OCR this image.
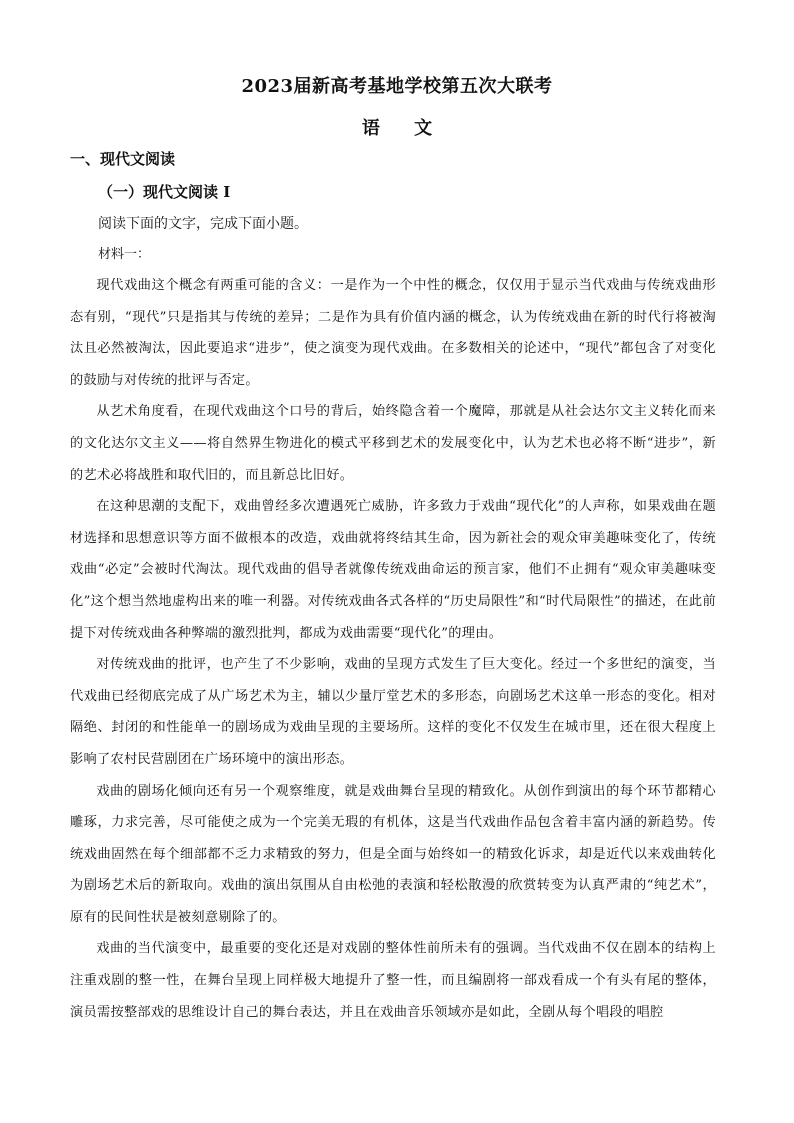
2023届新高考基地学校第五次大联考
语 文
一、现代文阅读
（一）现代文阅读 I
阅读下面的文字，完成下面小题。
材料一：

现代戏曲这个概念有两重可能的含义：一是作为一个中性的概念，仅仅用于显示当代戏曲与传统戏曲形态有别，“现代”只是指其与传统的差异；二是作为具有价值内涵的概念，认为传统戏曲在新的时代行将被淘汰且必然被淘汰，因此要追求“进步”，使之演变为现代戏曲。在多数相关的论述中，“现代”都包含了对变化的鼓励与对传统的批评与否定。

从艺术角度看，在现代戏曲这个口号的背后，始终隐含着一个魔障，那就是从社会达尔文主义转化而来的文化达尔文主义——将自然界生物进化的模式平移到艺术的发展变化中，认为艺术也必将不断“进步”，新的艺术必将战胜和取代旧的，而且新总比旧好。

在这种思潮的支配下，戏曲曾经多次遭遇死亡威胁，许多致力于戏曲“现代化”的人声称，如果戏曲在题材选择和思想意识等方面不做根本的改造，戏曲就将终结其生命，因为新社会的观众审美趣味变化了，传统戏曲“必定”会被时代淘汰。现代戏曲的倡导者就像传统戏曲命运的预言家，他们不止拥有“观众审美趣味变化”这个想当然地虚构出来的唯一利器。对传统戏曲各式各样的“历史局限性”和“时代局限性”的描述，在此前提下对传统戏曲各种弊端的激烈批判，都成为戏曲需要“现代化”的理由。

对传统戏曲的批评，也产生了不少影响，戏曲的呈现方式发生了巨大变化。经过一个多世纪的演变，当代戏曲已经彻底完成了从广场艺术为主，辅以少量厅堂艺术的多形态，向剧场艺术这单一形态的变化。相对隔绝、封闭的和性能单一的剧场成为戏曲呈现的主要场所。这样的变化不仅发生在城市里，还在很大程度上影响了农村民营剧团在广场环境中的演出形态。

戏曲的剧场化倾向还有另一个观察维度，就是戏曲舞台呈现的精致化。从创作到演出的每个环节都精心雕琢，力求完善，尽可能使之成为一个完美无瑕的有机体，这是当代戏曲作品包含着丰富内涵的新趋势。传统戏曲固然在每个细部都不乏力求精致的努力，但是全面与始终如一的精致化诉求，却是近代以来戏曲转化为剧场艺术后的新取向。戏曲的演出氛围从自由松弛的表演和轻松散漫的欣赏转变为认真严肃的“纯艺术”，原有的民间性状是被刻意剔除了的。

戏曲的当代演变中，最重要的变化还是对戏剧的整体性前所未有的强调。当代戏曲不仅在剧本的结构上注重戏剧的整一性，在舞台呈现上同样极大地提升了整一性，而且编剧将一部戏看成一个有头有尾的整体，演员需按整部戏的思维设计自己的舞台表达，并且在戏曲音乐领域亦是如此，全剧从每个唱段的唱腔
